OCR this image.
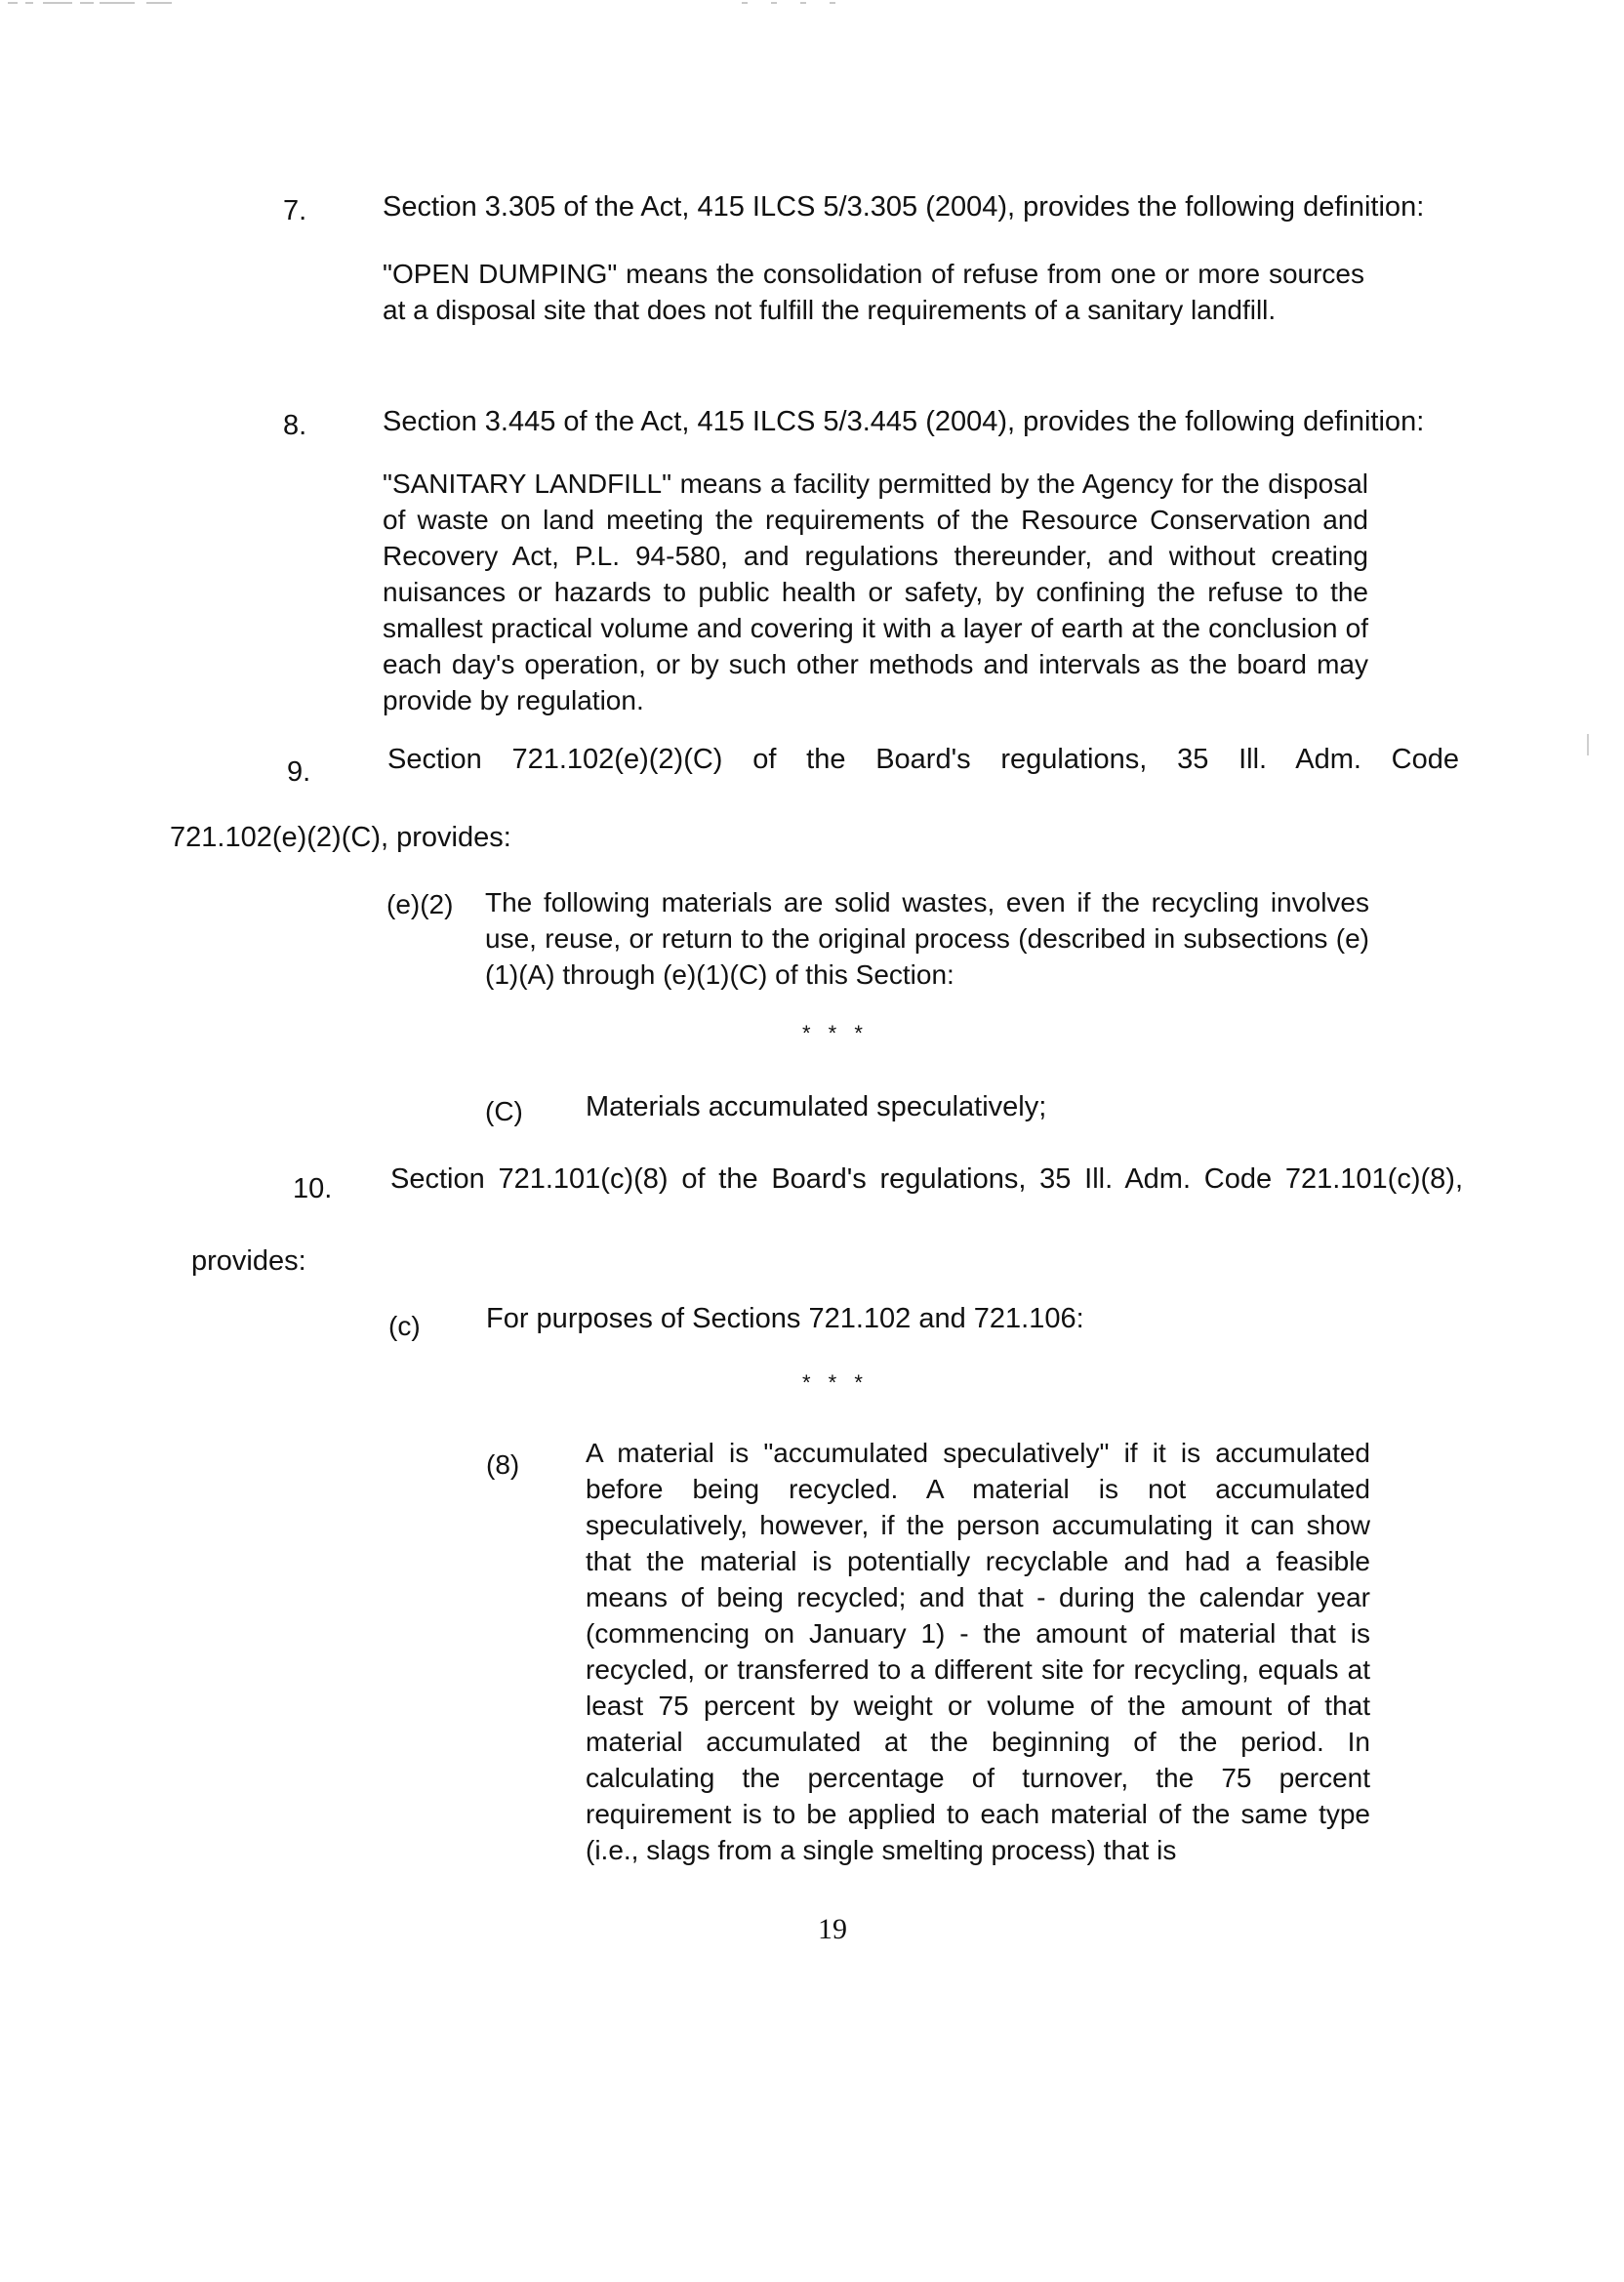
7.	Section 3.305 of the Act, 415 ILCS 5/3.305 (2004), provides the following definition:
"OPEN DUMPING" means the consolidation of refuse from one or more sources at a disposal site that does not fulfill the requirements of a sanitary landfill.
8.	Section 3.445 of the Act, 415 ILCS 5/3.445 (2004), provides the following definition:
"SANITARY LANDFILL" means a facility permitted by the Agency for the disposal of waste on land meeting the requirements of the Resource Conservation and Recovery Act, P.L. 94-580, and regulations thereunder, and without creating nuisances or hazards to public health or safety, by confining the refuse to the smallest practical volume and covering it with a layer of earth at the conclusion of each day's operation, or by such other methods and intervals as the board may provide by regulation.
9.	Section 721.102(e)(2)(C) of the Board's regulations, 35 Ill. Adm. Code
721.102(e)(2)(C), provides:
(e)(2) The following materials are solid wastes, even if the recycling involves use, reuse, or return to the original process (described in subsections (e)(1)(A) through (e)(1)(C) of this Section:
* * *
(C) Materials accumulated speculatively;
10. Section 721.101(c)(8) of the Board's regulations, 35 Ill. Adm. Code 721.101(c)(8),
provides:
(c) For purposes of Sections 721.102 and 721.106:
* * *
(8) A material is "accumulated speculatively" if it is accumulated before being recycled. A material is not accumulated speculatively, however, if the person accumulating it can show that the material is potentially recyclable and had a feasible means of being recycled; and that - during the calendar year (commencing on January 1) - the amount of material that is recycled, or transferred to a different site for recycling, equals at least 75 percent by weight or volume of the amount of that material accumulated at the beginning of the period. In calculating the percentage of turnover, the 75 percent requirement is to be applied to each material of the same type (i.e., slags from a single smelting process) that is
19
